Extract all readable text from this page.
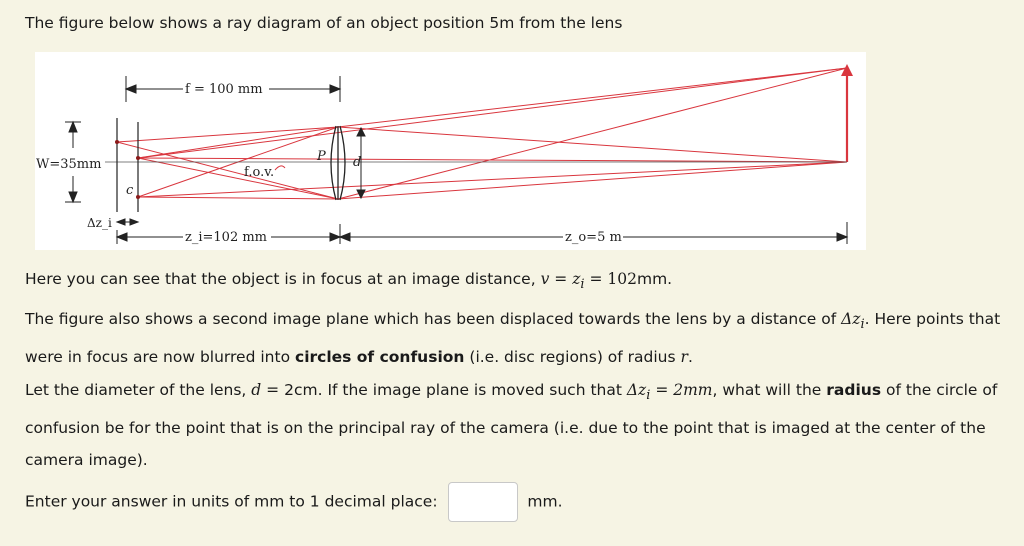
The figure below shows a ray diagram of an object position 5m from the lens
f = 100 mm
W=35mm
f.o.v.
P d
c
Δz_i
z_i=102 mm	z_o=5 m

Here you can see that the object is in focus at an image distance, $v = z_i = 102mm$.

The figure also shows a second image plane which has been displaced towards the lens by a distance of $\Delta z_i$. Here points that were in focus are now blurred into circles of confusion (i.e. disc regions) of radius r.

Let the diameter of the lens, d = 2cm. If the image plane is moved such that $\Delta z_i = 2mm$, what will the radius of the circle of confusion be for the point that is on the principal ray of the camera (i.e. due to the point that is imaged at the center of the camera image).

Enter your answer in units of mm to 1 decimal place:	mm.
